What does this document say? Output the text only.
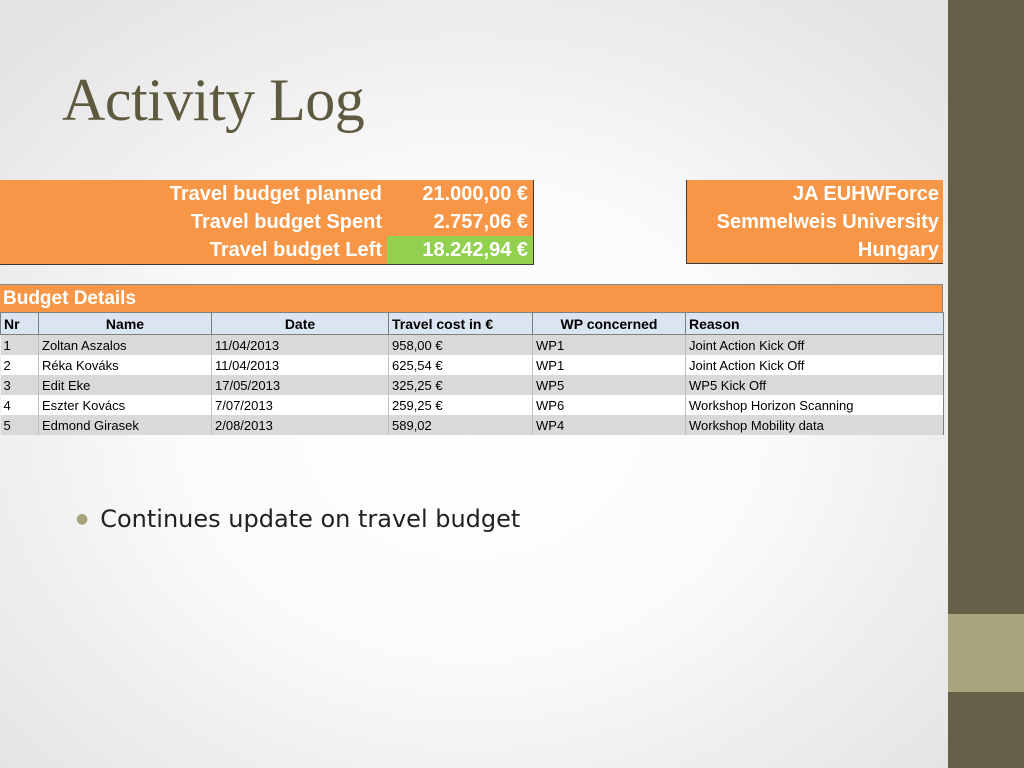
Activity Log
Travel budget planned	21.000,00 €
Travel budget Spent	2.757,06 €
Travel budget Left	18.242,94 €
JA EUHWForce
Semmelweis University
Hungary
Budget Details
Nr	Name	Date	Travel cost in €	WP concerned	Reason
1	Zoltan Aszalos	11/04/2013	958,00 €	WP1	Joint Action Kick Off
2	Réka Kováks	11/04/2013	625,54 €	WP1	Joint Action Kick Off
3	Edit Eke	17/05/2013	325,25 €	WP5	WP5 Kick Off
4	Eszter Kovács	7/07/2013	259,25 €	WP6	Workshop Horizon Scanning
5	Edmond Girasek	2/08/2013	589,02	WP4	Workshop Mobility data
● Continues update on travel budget
